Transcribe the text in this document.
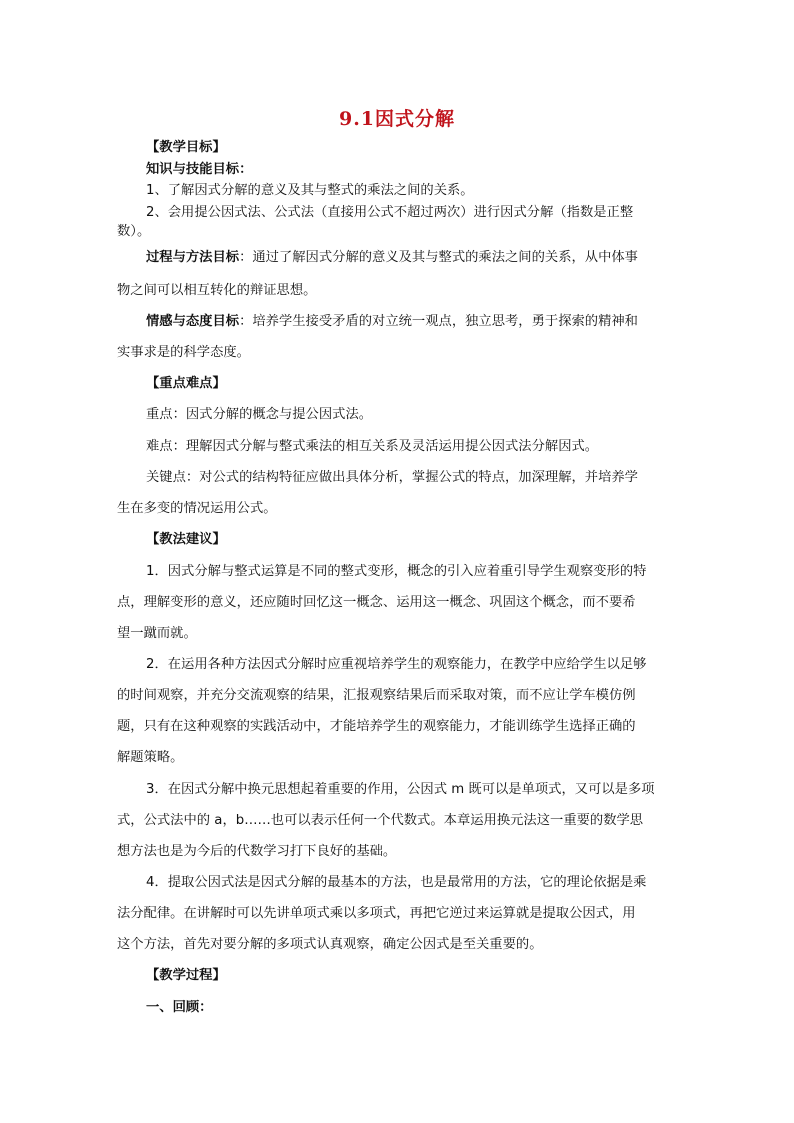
9.1因式分解
【教学目标】
知识与技能目标：
1、了解因式分解的意义及其与整式的乘法之间的关系。
2、会用提公因式法、公式法（直接用公式不超过两次）进行因式分解（指数是正整
数）。
过程与方法目标：通过了解因式分解的意义及其与整式的乘法之间的关系，从中体事
物之间可以相互转化的辩证思想。
情感与态度目标：培养学生接受矛盾的对立统一观点，独立思考，勇于探索的精神和
实事求是的科学态度。
【重点难点】
重点：因式分解的概念与提公因式法。
难点：理解因式分解与整式乘法的相互关系及灵活运用提公因式法分解因式。
关键点：对公式的结构特征应做出具体分析，掌握公式的特点，加深理解，并培养学
生在多变的情况运用公式。
【教法建议】
1．因式分解与整式运算是不同的整式变形，概念的引入应着重引导学生观察变形的特
点，理解变形的意义，还应随时回忆这一概念、运用这一概念、巩固这个概念，而不要希
望一蹴而就。
2．在运用各种方法因式分解时应重视培养学生的观察能力，在教学中应给学生以足够
的时间观察，并充分交流观察的结果，汇报观察结果后而采取对策，而不应让学车模仿例
题，只有在这种观察的实践活动中，才能培养学生的观察能力，才能训练学生选择正确的
解题策略。
3．在因式分解中换元思想起着重要的作用，公因式 m 既可以是单项式，又可以是多项
式，公式法中的 a，b……也可以表示任何一个代数式。本章运用换元法这一重要的数学思
想方法也是为今后的代数学习打下良好的基础。
4．提取公因式法是因式分解的最基本的方法，也是最常用的方法，它的理论依据是乘
法分配律。在讲解时可以先讲单项式乘以多项式，再把它逆过来运算就是提取公因式，用
这个方法，首先对要分解的多项式认真观察，确定公因式是至关重要的。
【教学过程】
一、回顾：
